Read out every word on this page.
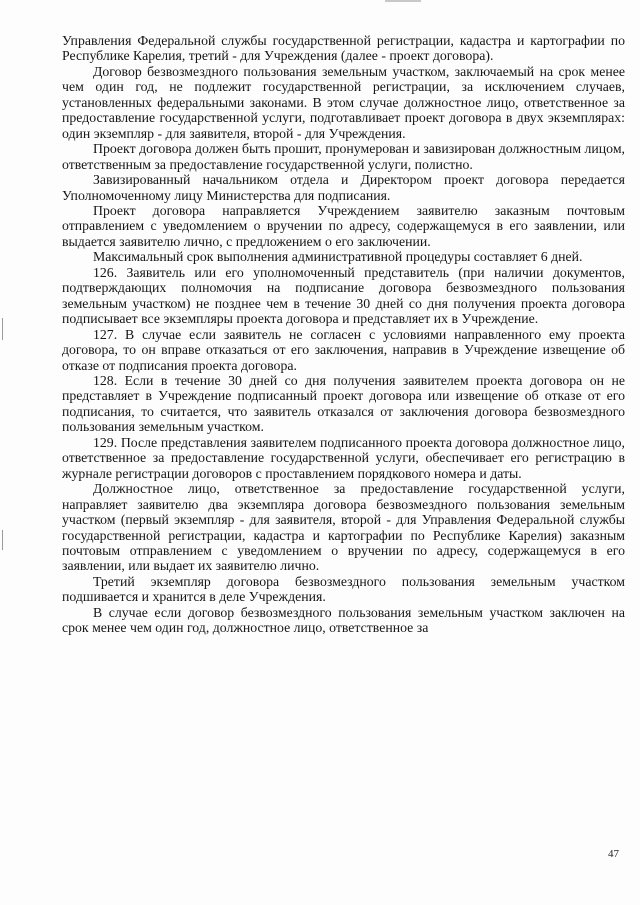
Управления Федеральной службы государственной регистрации, кадастра и картографии по Республике Карелия, третий - для Учреждения (далее - проект договора).

Договор безвозмездного пользования земельным участком, заключаемый на срок менее чем один год, не подлежит государственной регистрации, за исключением случаев, установленных федеральными законами. В этом случае должностное лицо, ответственное за предоставление государственной услуги, подготавливает проект договора в двух экземплярах: один экземпляр - для заявителя, второй - для Учреждения.

Проект договора должен быть прошит, пронумерован и завизирован должностным лицом, ответственным за предоставление государственной услуги, полистно.

Завизированный начальником отдела и Директором проект договора передается Уполномоченному лицу Министерства для подписания.

Проект договора направляется Учреждением заявителю заказным почтовым отправлением с уведомлением о вручении по адресу, содержащемуся в его заявлении, или выдается заявителю лично, с предложением о его заключении.

Максимальный срок выполнения административной процедуры составляет 6 дней.

126. Заявитель или его уполномоченный представитель (при наличии документов, подтверждающих полномочия на подписание договора безвозмездного пользования земельным участком) не позднее чем в течение 30 дней со дня получения проекта договора подписывает все экземпляры проекта договора и представляет их в Учреждение.

127. В случае если заявитель не согласен с условиями направленного ему проекта договора, то он вправе отказаться от его заключения, направив в Учреждение извещение об отказе от подписания проекта договора.

128. Если в течение 30 дней со дня получения заявителем проекта договора он не представляет в Учреждение подписанный проект договора или извещение об отказе от его подписания, то считается, что заявитель отказался от заключения договора безвозмездного пользования земельным участком.

129. После представления заявителем подписанного проекта договора должностное лицо, ответственное за предоставление государственной услуги, обеспечивает его регистрацию в журнале регистрации договоров с проставлением порядкового номера и даты.

Должностное лицо, ответственное за предоставление государственной услуги, направляет заявителю два экземпляра договора безвозмездного пользования земельным участком (первый экземпляр - для заявителя, второй - для Управления Федеральной службы государственной регистрации, кадастра и картографии по Республике Карелия) заказным почтовым отправлением с уведомлением о вручении по адресу, содержащемуся в его заявлении, или выдает их заявителю лично.

Третий экземпляр договора безвозмездного пользования земельным участком подшивается и хранится в деле Учреждения.

В случае если договор безвозмездного пользования земельным участком заключен на срок менее чем один год, должностное лицо, ответственное за

47
